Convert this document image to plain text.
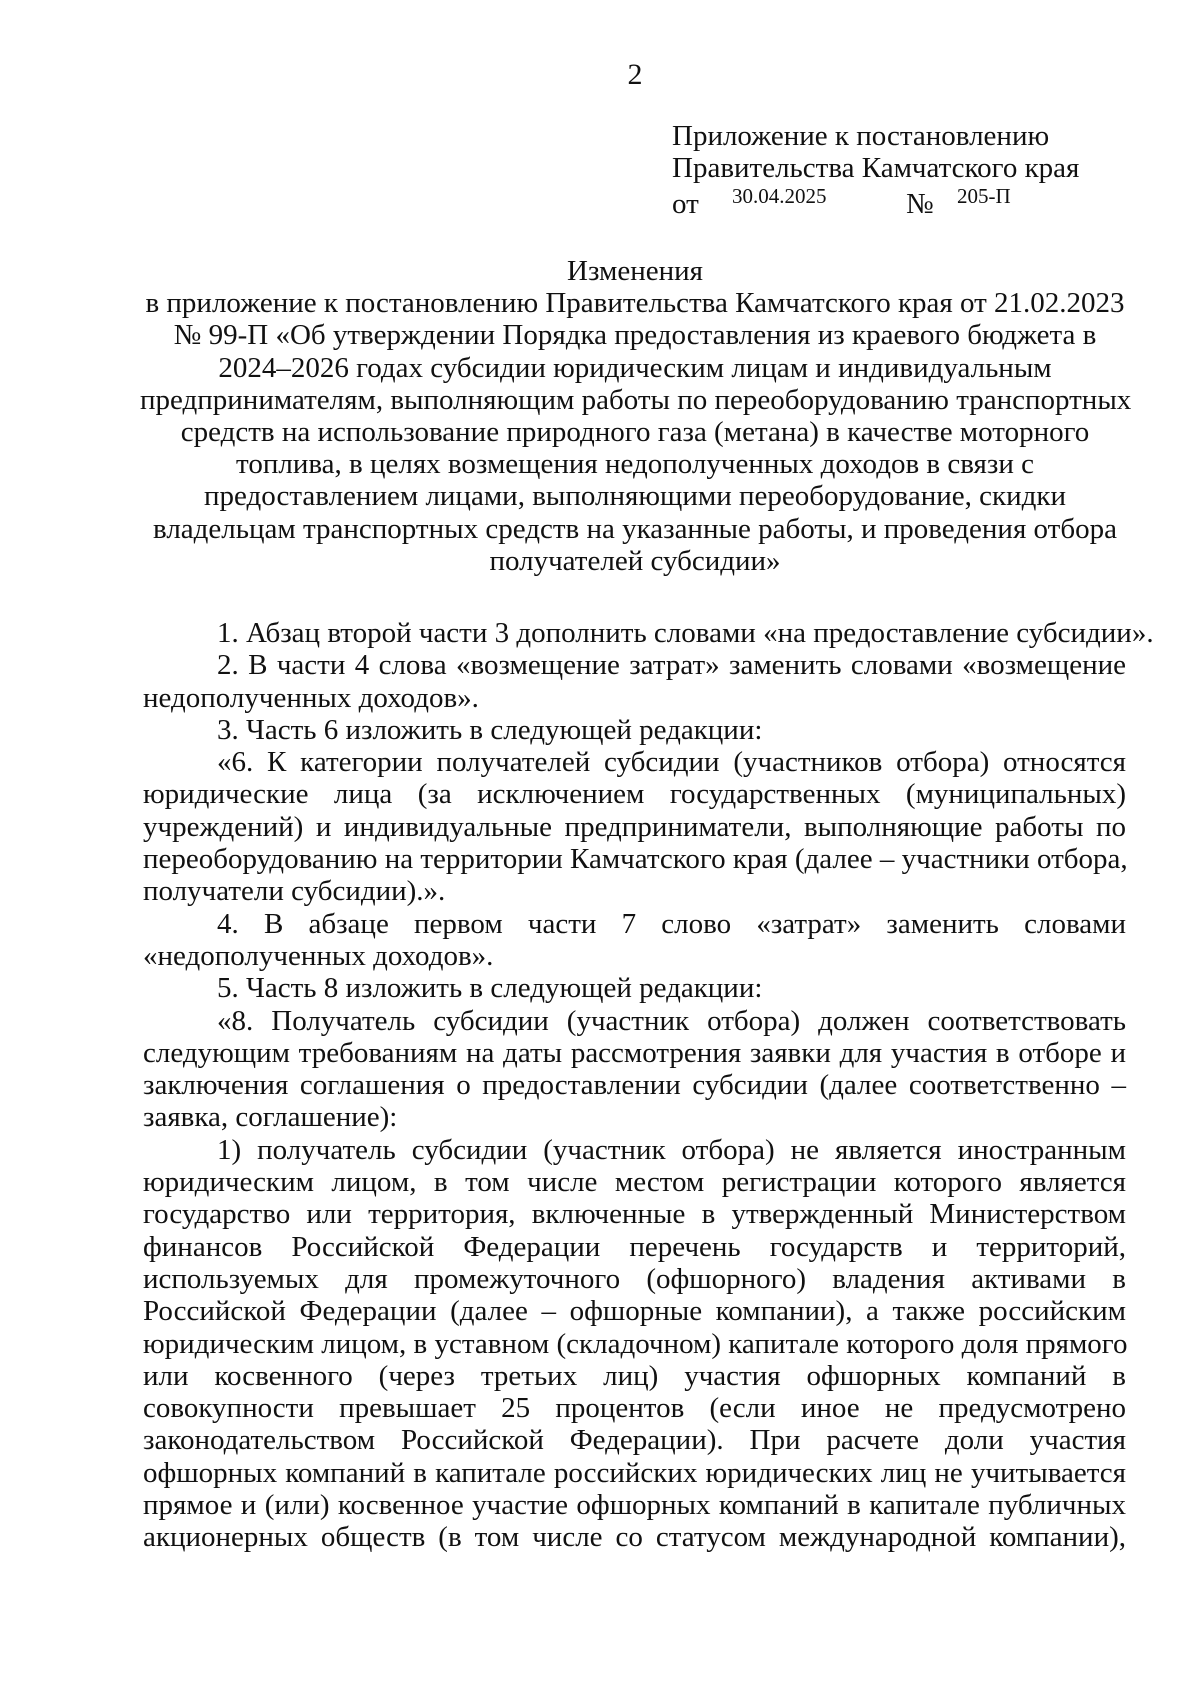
2
Приложение к постановлению
Правительства Камчатского края
от 30.04.2025	№ 205-П
Изменения
в приложение к постановлению Правительства Камчатского края от 21.02.2023
№ 99-П «Об утверждении Порядка предоставления из краевого бюджета в
2024–2026 годах субсидии юридическим лицам и индивидуальным
предпринимателям, выполняющим работы по переоборудованию транспортных
средств на использование природного газа (метана) в качестве моторного
топлива, в целях возмещения недополученных доходов в связи с
предоставлением лицами, выполняющими переоборудование, скидки
владельцам транспортных средств на указанные работы, и проведения отбора
получателей субсидии»
1. Абзац второй части 3 дополнить словами «на предоставление субсидии».
2. В части 4 слова «возмещение затрат» заменить словами «возмещение
недополученных доходов».
3. Часть 6 изложить в следующей редакции:
«6. К категории получателей субсидии (участников отбора) относятся
юридические лица (за исключением государственных (муниципальных)
учреждений) и индивидуальные предприниматели, выполняющие работы по
переоборудованию на территории Камчатского края (далее – участники отбора,
получатели субсидии).».
4. В абзаце первом части 7 слово «затрат» заменить словами
«недополученных доходов».
5. Часть 8 изложить в следующей редакции:
«8. Получатель субсидии (участник отбора) должен соответствовать
следующим требованиям на даты рассмотрения заявки для участия в отборе и
заключения соглашения о предоставлении субсидии (далее соответственно –
заявка, соглашение):
1) получатель субсидии (участник отбора) не является иностранным
юридическим лицом, в том числе местом регистрации которого является
государство или территория, включенные в утвержденный Министерством
финансов Российской Федерации перечень государств и территорий,
используемых для промежуточного (офшорного) владения активами в
Российской Федерации (далее – офшорные компании), а также российским
юридическим лицом, в уставном (складочном) капитале которого доля прямого
или косвенного (через третьих лиц) участия офшорных компаний в
совокупности превышает 25 процентов (если иное не предусмотрено
законодательством Российской Федерации). При расчете доли участия
офшорных компаний в капитале российских юридических лиц не учитывается
прямое и (или) косвенное участие офшорных компаний в капитале публичных
акционерных обществ (в том числе со статусом международной компании),
